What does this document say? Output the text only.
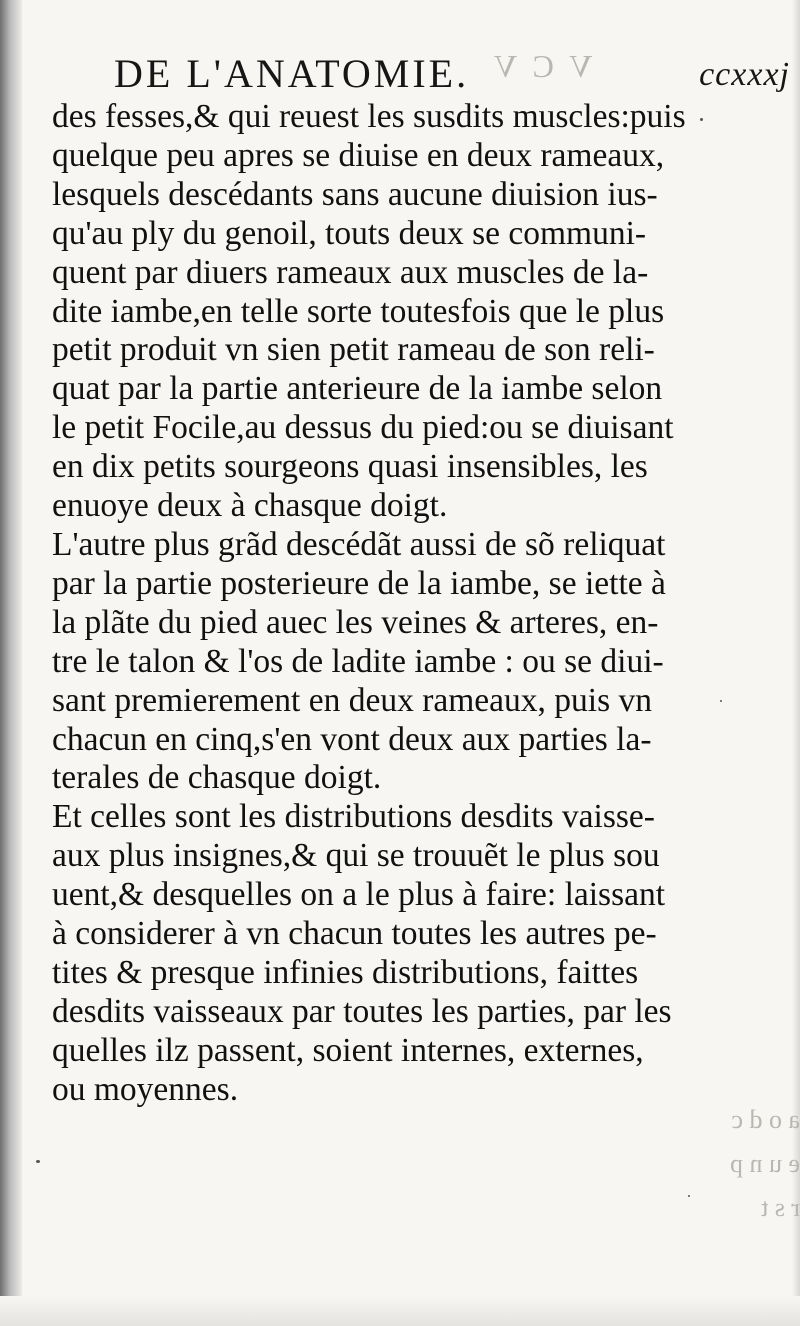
V C V
a o d c
e u n p
r s t
DE L'ANATOMIE.	ccxxxj
des fesses,& qui reuest les susdits muscles:puis
quelque peu apres se diuise en deux rameaux,
lesquels descédants sans aucune diuision ius-
qu'au ply du genoil, touts deux se communi-
quent par diuers rameaux aux muscles de la-
dite iambe,en telle sorte toutesfois que le plus
petit produit vn sien petit rameau de son reli-
quat par la partie anterieure de la iambe selon
le petit Focile,au dessus du pied:ou se diuisant
en dix petits sourgeons quasi insensibles, les
enuoye deux à chasque doigt.
L'autre plus grãd descédãt aussi de sõ reliquat
par la partie posterieure de la iambe, se iette à
la plãte du pied auec les veines & arteres, en-
tre le talon & l'os de ladite iambe : ou se diui-
sant premierement en deux rameaux, puis vn
chacun en cinq,s'en vont deux aux parties la-
terales de chasque doigt.
Et celles sont les distributions desdits vaisse-
aux plus insignes,& qui se trouuẽt le plus sou
uent,& desquelles on a le plus à faire: laissant
à considerer à vn chacun toutes les autres pe-
tites & presque infinies distributions, faittes
desdits vaisseaux par toutes les parties, par les
quelles ilz passent, soient internes, externes,
ou moyennes.
